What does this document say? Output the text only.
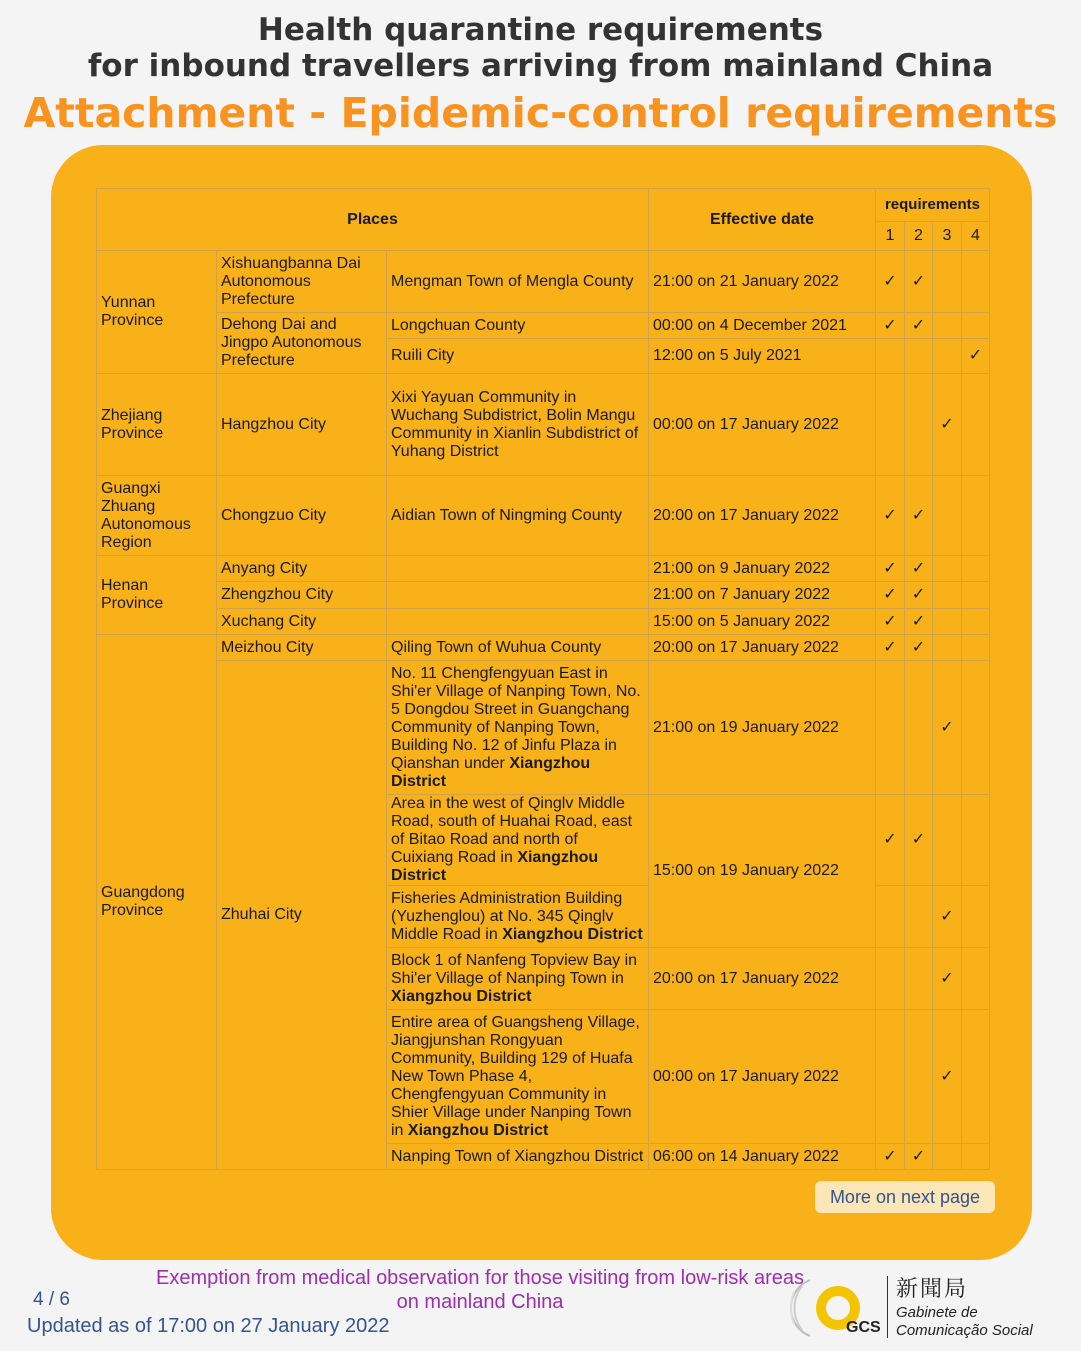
Health quarantine requirements
for inbound travellers arriving from mainland China
Attachment - Epidemic-control requirements
Places			Effective date	requirements			
				1	2	3	4
Yunnan Province	Xishuangbanna Dai Autonomous Prefecture	Mengman Town of Mengla County	21:00 on 21 January 2022	✓	✓		
	Dehong Dai and Jingpo Autonomous Prefecture	Longchuan County	00:00 on 4 December 2021	✓	✓		
		Ruili City	12:00 on 5 July 2021				✓
Zhejiang Province	Hangzhou City	Xixi Yayuan Community in Wuchang Subdistrict, Bolin Mangu Community in Xianlin Subdistrict of Yuhang District	00:00 on 17 January 2022			✓	
Guangxi Zhuang Autonomous Region	Chongzuo City	Aidian Town of Ningming County	20:00 on 17 January 2022	✓	✓		
Henan Province	Anyang City		21:00 on 9 January 2022	✓	✓		
	Zhengzhou City		21:00 on 7 January 2022	✓	✓		
	Xuchang City		15:00 on 5 January 2022	✓	✓		
Guangdong Province	Meizhou City	Qiling Town of Wuhua County	20:00 on 17 January 2022	✓	✓		
	Zhuhai City	No. 11 Chengfengyuan East in Shi'er Village of Nanping Town, No. 5 Dongdou Street in Guangchang Community of Nanping Town, Building No. 12 of Jinfu Plaza in Qianshan under Xiangzhou District	21:00 on 19 January 2022			✓	
		Area in the west of Qinglv Middle Road, south of Huahai Road, east of Bitao Road and north of Cuixiang Road in Xiangzhou District	15:00 on 19 January 2022	✓	✓		
		Fisheries Administration Building (Yuzhenglou) at No. 345 Qinglv Middle Road in Xiangzhou District				✓	
		Block 1 of Nanfeng Topview Bay in Shi'er Village of Nanping Town in Xiangzhou District	20:00 on 17 January 2022			✓	
		Entire area of Guangsheng Village, Jiangjunshan Rongyuan Community, Building 129 of Huafa New Town Phase 4, Chengfengyuan Community in Shier Village under Nanping Town in Xiangzhou District	00:00 on 17 January 2022			✓	
		Nanping Town of Xiangzhou District	06:00 on 14 January 2022	✓	✓		
More on next page
Exemption from medical observation for those visiting from low-risk areas on mainland China
4 / 6
Updated as of 17:00 on 27 January 2022	GCS
新聞局
Gabinete de
Comunicação Social
